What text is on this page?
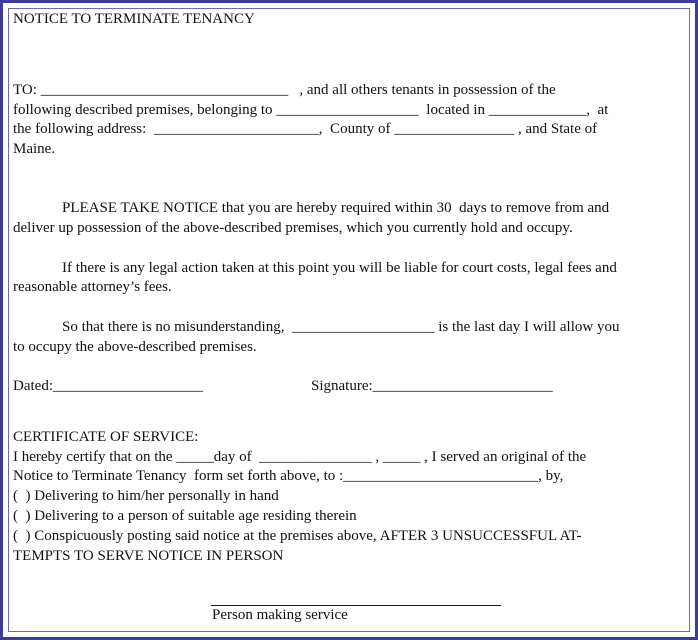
NOTICE TO TERMINATE TENANCY

TO: _________________________________   , and all others tenants in possession of the

following described premises, belonging to ___________________  located in _____________,  at

the following address:  ______________________,  County of ________________ , and State of

Maine.

PLEASE TAKE NOTICE that you are hereby required within 30  days to remove from and

deliver up possession of the above-described premises, which you currently hold and occupy.

If there is any legal action taken at this point you will be liable for court costs, legal fees and

reasonable attorney’s fees.

So that there is no misunderstanding,  ___________________ is the last day I will allow you

to occupy the above-described premises.

Dated:____________________	Signature:________________________

CERTIFICATE OF SERVICE:

I hereby certify that on the _____day of  _______________ , _____ , I served an original of the

Notice to Terminate Tenancy  form set forth above, to :__________________________, by,

(  ) Delivering to him/her personally in hand

(  ) Delivering to a person of suitable age residing therein

(  ) Conspicuously posting said notice at the premises above, AFTER 3 UNSUCCESSFUL AT-

TEMPTS TO SERVE NOTICE IN PERSON

Person making service
